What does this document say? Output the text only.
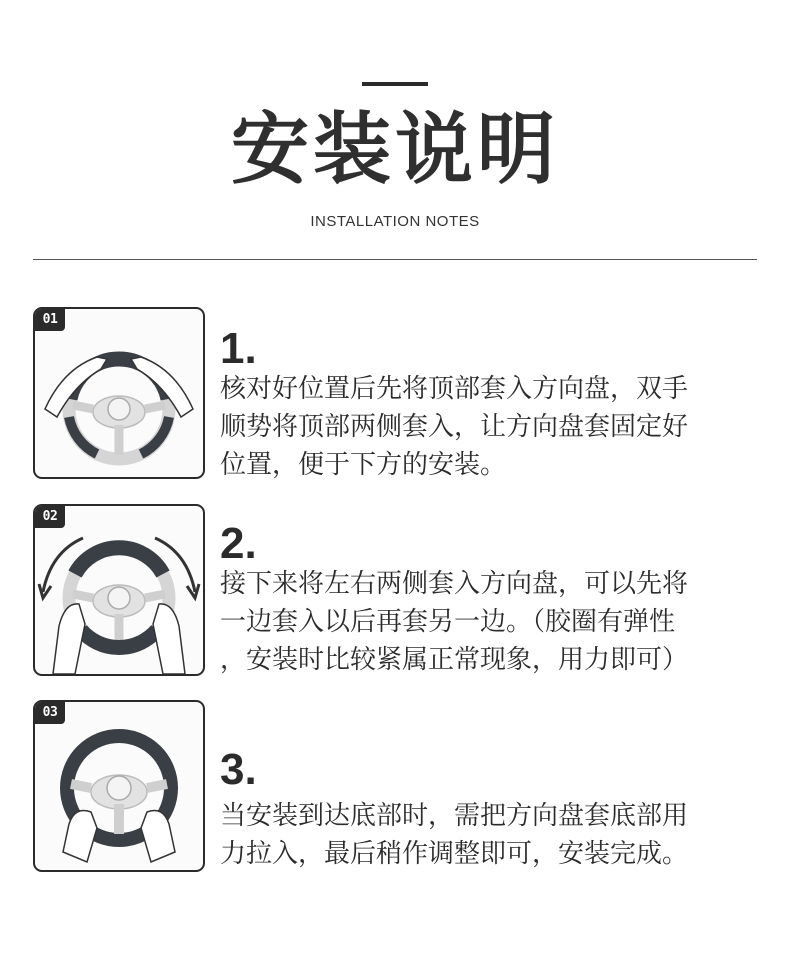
安装说明
INSTALLATION NOTES
01
1.
核对好位置后先将顶部套入方向盘，双手
顺势将顶部两侧套入，让方向盘套固定好
位置，便于下方的安装。
02
2.
接下来将左右两侧套入方向盘，可以先将
一边套入以后再套另一边。（胶圈有弹性
，安装时比较紧属正常现象，用力即可）
03
3.
当安装到达底部时，需把方向盘套底部用
力拉入，最后稍作调整即可，安装完成。
